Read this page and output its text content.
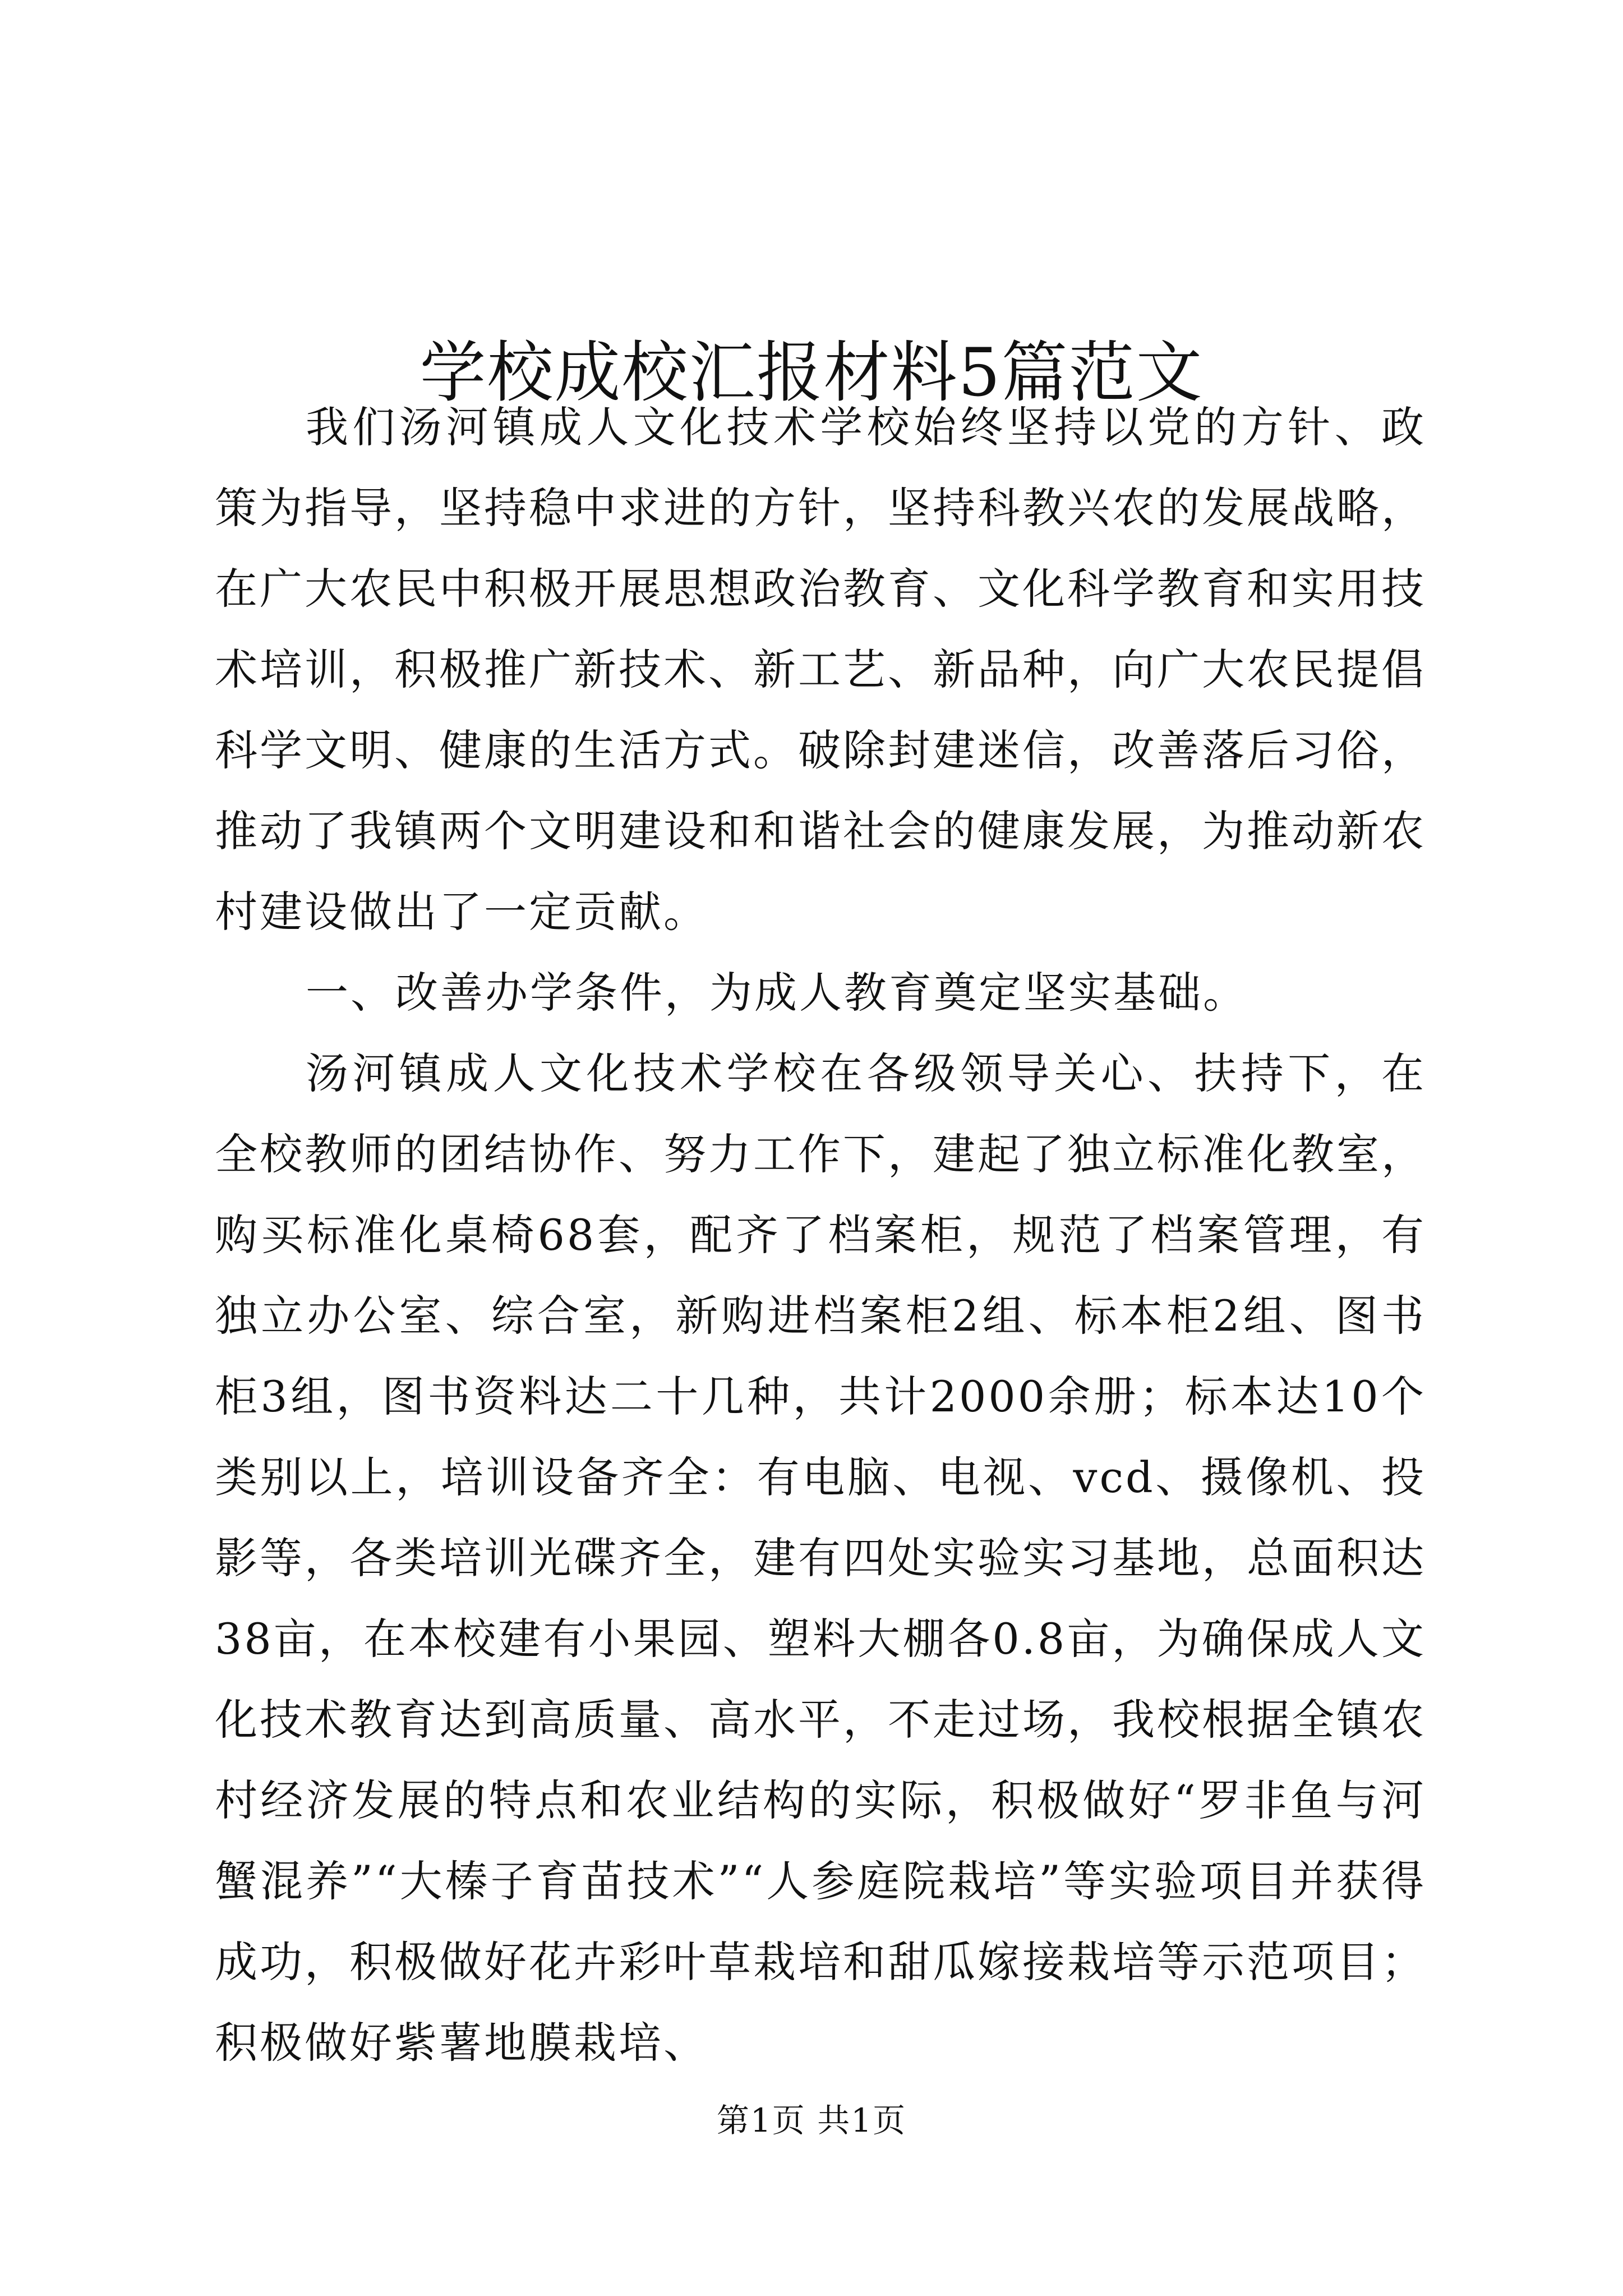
学校成校汇报材料5篇范文

我们汤河镇成人文化技术学校始终坚持以党的方针、政策为指导，坚持稳中求进的方针，坚持科教兴农的发展战略，在广大农民中积极开展思想政治教育、文化科学教育和实用技术培训，积极推广新技术、新工艺、新品种，向广大农民提倡科学文明、健康的生活方式。破除封建迷信，改善落后习俗，推动了我镇两个文明建设和和谐社会的健康发展，为推动新农村建设做出了一定贡献。

一、改善办学条件，为成人教育奠定坚实基础。

汤河镇成人文化技术学校在各级领导关心、扶持下，在全校教师的团结协作、努力工作下，建起了独立标准化教室，购买标准化桌椅68套，配齐了档案柜，规范了档案管理，有独立办公室、综合室，新购进档案柜2组、标本柜2组、图书柜3组，图书资料达二十几种，共计2000余册；标本达10个类别以上，培训设备齐全：有电脑、电视、vcd、摄像机、投影等，各类培训光碟齐全，建有四处实验实习基地，总面积达38亩，在本校建有小果园、塑料大棚各0.8亩，为确保成人文化技术教育达到高质量、高水平，不走过场，我校根据全镇农村经济发展的特点和农业结构的实际，积极做好“罗非鱼与河蟹混养”“大榛子育苗技术”“人参庭院栽培”等实验项目并获得成功，积极做好花卉彩叶草栽培和甜瓜嫁接栽培等示范项目；积极做好紫薯地膜栽培、

第1页 共1页
